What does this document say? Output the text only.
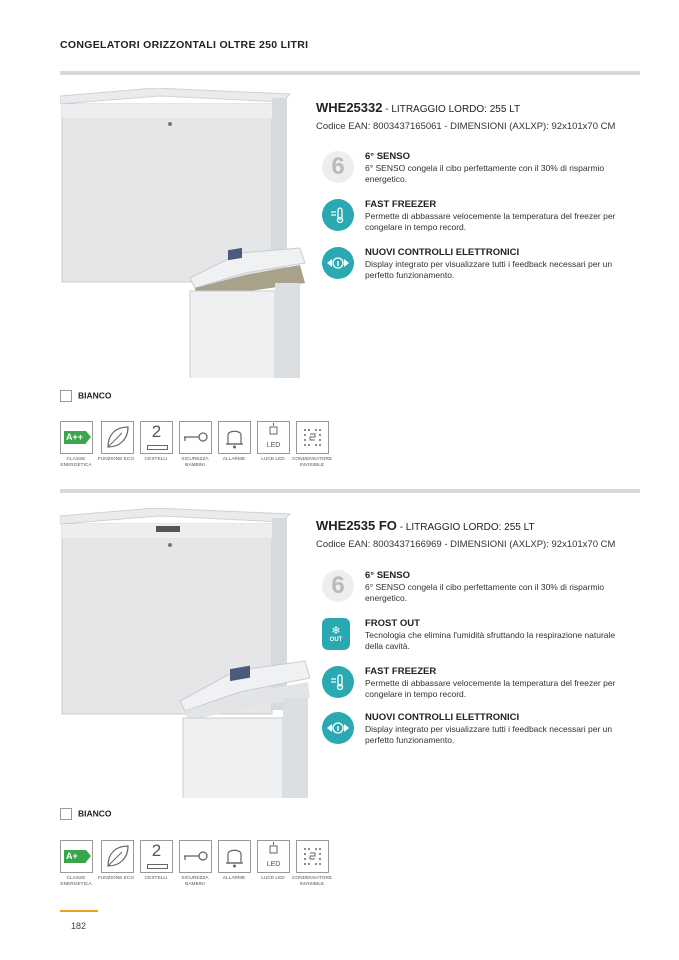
CONGELATORI ORIZZONTALI OLTRE 250 LITRI
WHE25332 - LITRAGGIO LORDO: 255 LT
Codice EAN: 8003437165061 - DIMENSIONI (AXLXP): 92x101x70 CM
6	6° SENSO
6° SENSO congela il cibo perfettamente con il 30% di risparmio energetico.
FAST FREEZER
Permette di abbassare velocemente la temperatura del freezer per congelare in tempo record.
NUOVI CONTROLLI ELETTRONICI
Display integrato per visualizzare tutti i feedback necessari per un perfetto funzionamento.
BIANCO
A++	2
LED
CLASSE ENERGETICA
FUNZIONE ECO	CESTELLI	SICUREZZA BAMBINI
ALLARME	LUCE LED	CONDENSATORE INVISIBILE
WHE2535 FO - LITRAGGIO LORDO: 255 LT
Codice EAN: 8003437166969 - DIMENSIONI (AXLXP): 92x101x70 CM
6	6° SENSO
6° SENSO congela il cibo perfettamente con il 30% di risparmio energetico.
❄
OUT
FROST OUT
Tecnologia che elimina l'umidità sfruttando la respirazione naturale della cavità.
FAST FREEZER
Permette di abbassare velocemente la temperatura del freezer per congelare in tempo record.
NUOVI CONTROLLI ELETTRONICI
Display integrato per visualizzare tutti i feedback necessari per un perfetto funzionamento.
BIANCO
A+	2
LED
CLASSE ENERGETICA
FUNZIONE ECO	CESTELLI	SICUREZZA BAMBINI
ALLARME	LUCE LED	CONDENSATORE INVISIBILE
182
